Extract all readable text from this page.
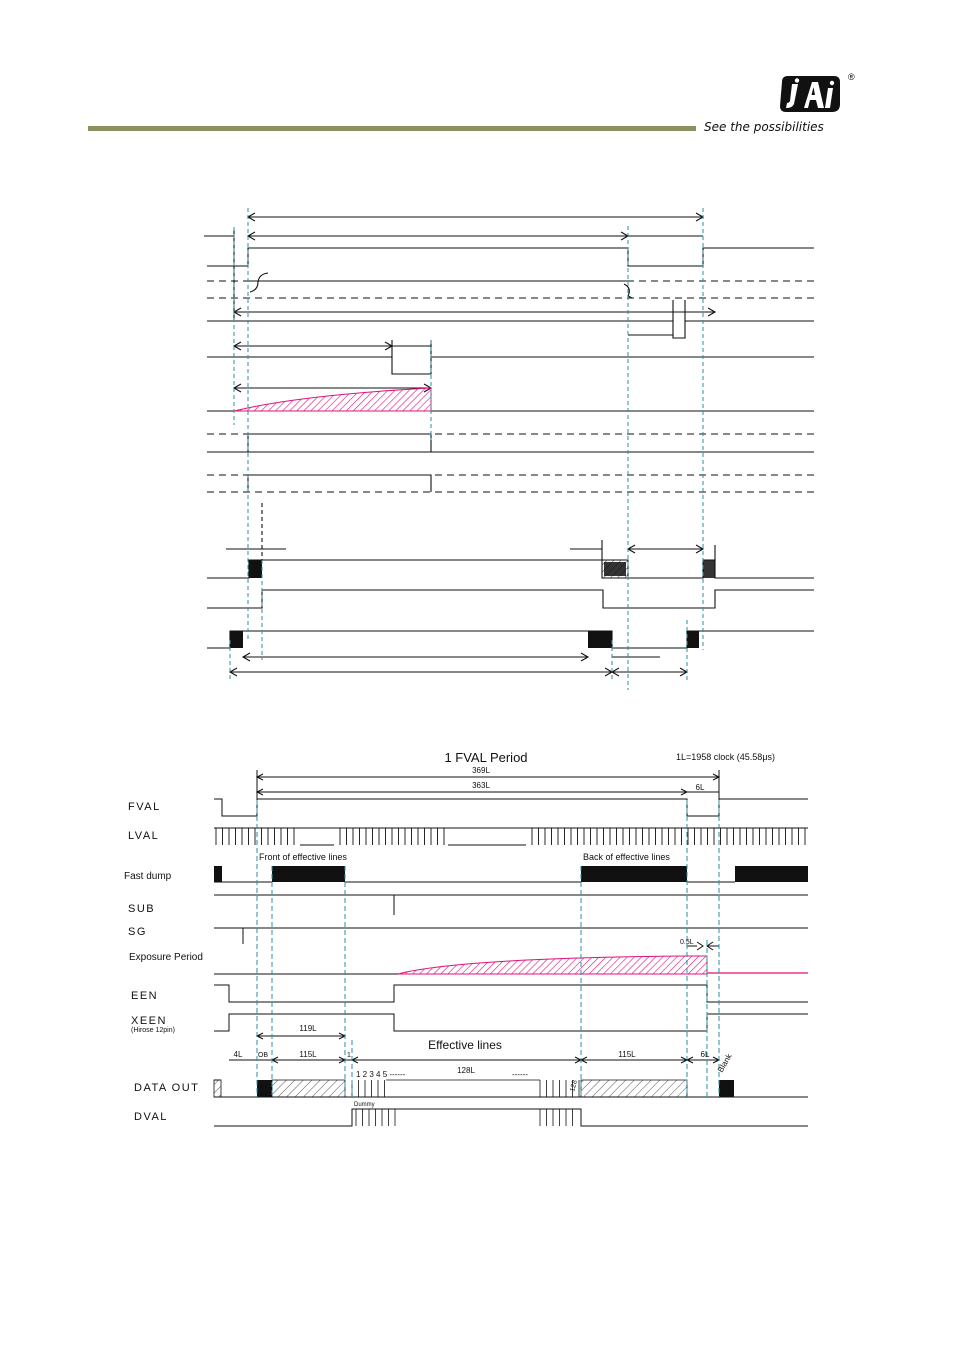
®
See the possibilities
1 FVAL Period	1L=1958 clock (45.58μs)
369L
363L	6L
FVAL
LVAL
Fast dump
SUB
SG
Exposure Period
EEN
XEEN
(Hirose 12pin)
DATA OUT
DVAL
Front of effective lines	Back of effective lines
0.5L
Effective lines
119L
4L OB	115L	1
128L
115L	6L Blank
1 2 3 4 5 ------	------
128
Dummy
